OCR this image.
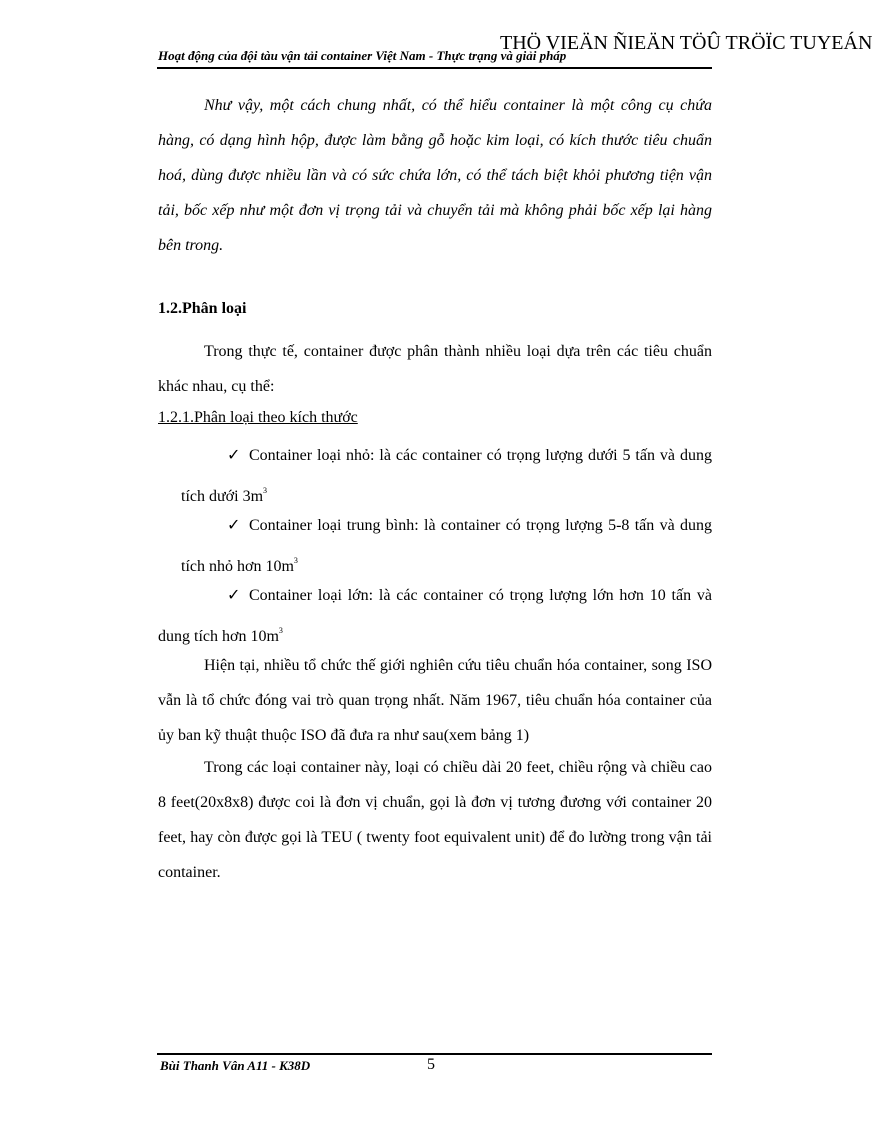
Hoạt động của đội tàu vận tải container Việt Nam - Thực trạng và giải pháp
THÖ VIEÄN ÑIEÄN TÖÛ TRÖÏC TUYEÁN

Như vậy, một cách chung nhất, có thể hiểu container là một công cụ chứa hàng, có dạng hình hộp, được làm bằng gỗ hoặc kim loại, có kích thước tiêu chuẩn hoá, dùng được nhiều lần và có sức chứa lớn, có thể tách biệt khỏi phương tiện vận tải, bốc xếp như một đơn vị trọng tải và chuyển tải mà không phải bốc xếp lại hàng bên trong.

1.2.Phân loại

Trong thực tế, container được phân thành nhiều loại dựa trên các tiêu chuẩn khác nhau, cụ thể:

1.2.1.Phân loại theo kích thước

✓ Container loại nhỏ: là các container có trọng lượng dưới 5 tấn và dung tích dưới $3m^3$

✓ Container loại trung bình: là container có trọng lượng 5-8 tấn và dung tích nhỏ hơn $10m^3$

✓ Container loại lớn: là các container có trọng lượng lớn hơn 10 tấn và dung tích hơn $10m^3$

Hiện tại, nhiều tổ chức thế giới nghiên cứu tiêu chuẩn hóa container, song ISO vẫn là tổ chức đóng vai trò quan trọng nhất. Năm 1967, tiêu chuẩn hóa container của ủy ban kỹ thuật thuộc ISO đã đưa ra như sau(xem bảng 1)

Trong các loại container này, loại có chiều dài 20 feet, chiều rộng và chiều cao 8 feet(20x8x8) được coi là đơn vị chuẩn, gọi là đơn vị tương đương với container 20 feet, hay còn được gọi là TEU ( twenty foot equivalent unit) để đo lường trong vận tải container.

Bùi Thanh Vân A11 - K38D	5
